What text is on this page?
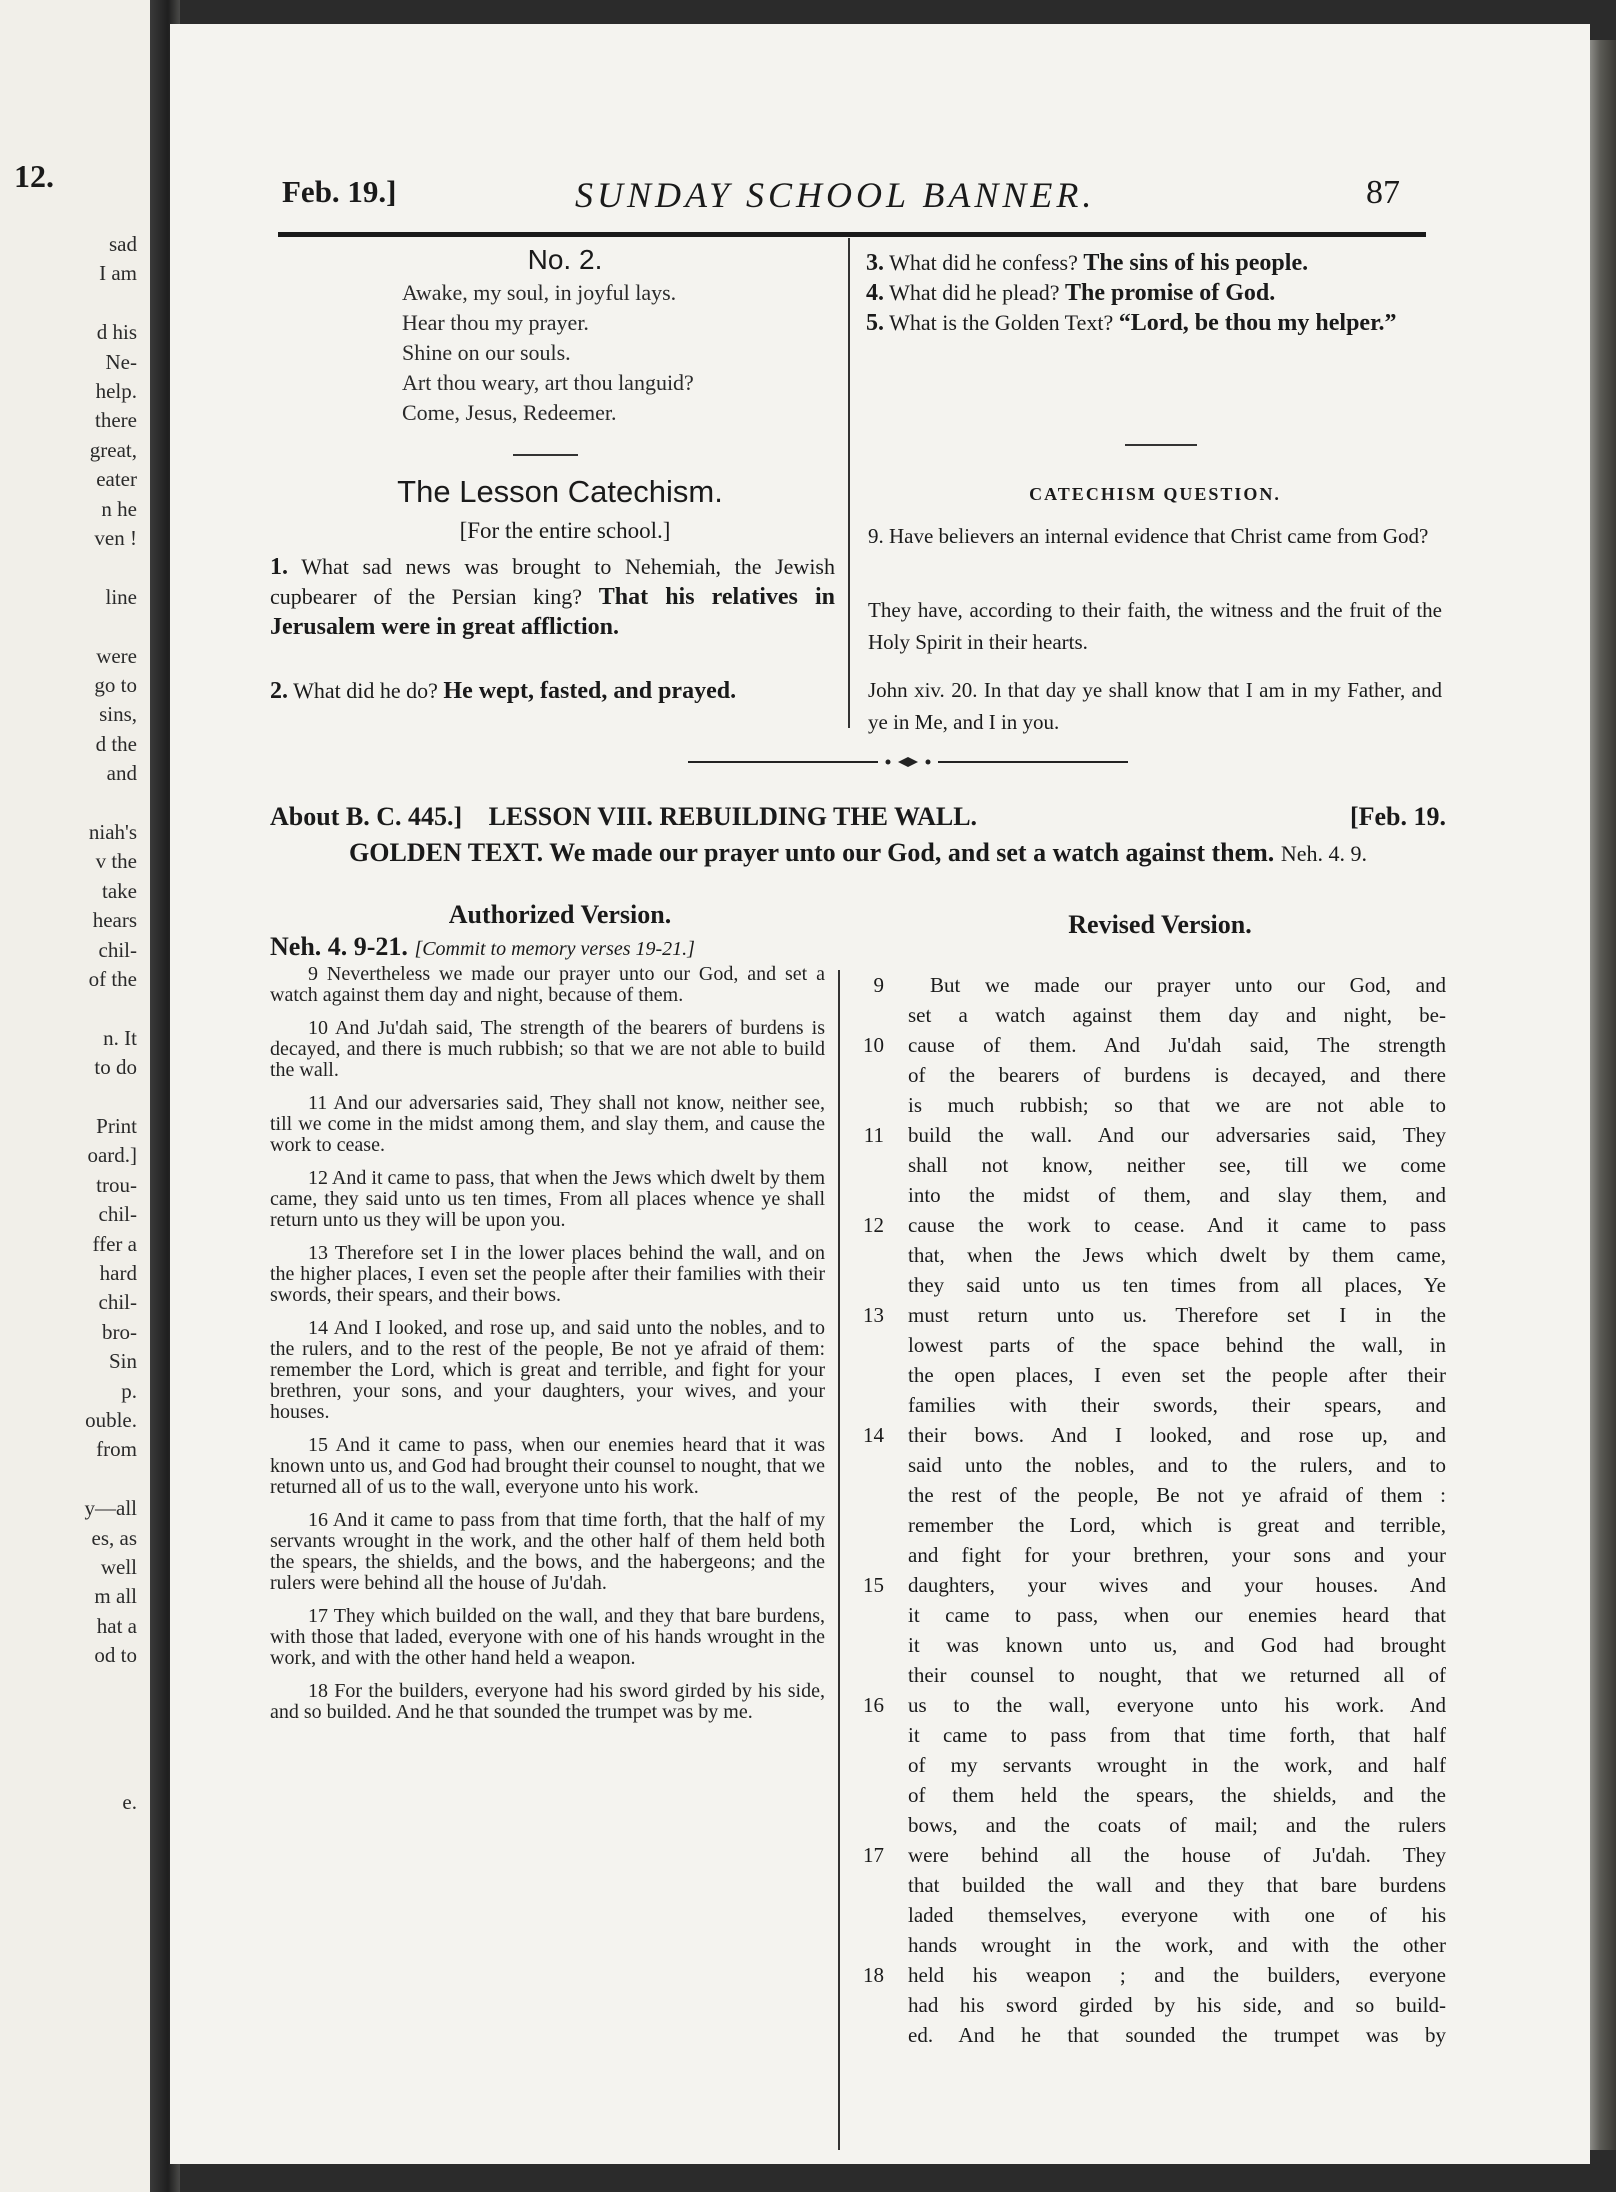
12.
sad
I am
d his
Ne-
help.
there
great,
eater
n he
ven !
line
were
go to
sins,
d the
and
niah's
v the
take
hears
chil-
of the
n. It
to do
Print
oard.]
trou-
chil-
ffer a
hard
chil-
bro-
Sin
p.
ouble.
from
y—all
es, as
well
m all
hat a
od to
e.
Feb. 19.]	SUNDAY SCHOOL BANNER.	87
No. 2.
Awake, my soul, in joyful lays.
Hear thou my prayer.
Shine on our souls.
Art thou weary, art thou languid?
Come, Jesus, Redeemer.
The Lesson Catechism.
[For the entire school.]
1. What sad news was brought to Nehemiah, the Jewish cupbearer of the Persian king? That his relatives in Jerusalem were in great affliction.
2. What did he do? He wept, fasted, and prayed.
3. What did he confess? The sins of his people.
4. What did he plead? The promise of God.
5. What is the Golden Text? “Lord, be thou my helper.”
CATECHISM QUESTION.
9. Have believers an internal evidence that Christ came from God?
They have, according to their faith, the witness and the fruit of the Holy Spirit in their hearts.
John xiv. 20. In that day ye shall know that I am in my Father, and ye in Me, and I in you.
About B. C. 445.] LESSON VIII. REBUILDING THE WALL.	[Feb. 19.
GOLDEN TEXT. We made our prayer unto our God, and set a watch against them. Neh. 4. 9.
Authorized Version.	Revised Version.
Neh. 4. 9-21. [Commit to memory verses 19-21.]

9 Nevertheless we made our prayer unto our God, and set a watch against them day and night, because of them.

10 And Ju'dah said, The strength of the bearers of burdens is decayed, and there is much rubbish; so that we are not able to build the wall.

11 And our adversaries said, They shall not know, neither see, till we come in the midst among them, and slay them, and cause the work to cease.

12 And it came to pass, that when the Jews which dwelt by them came, they said unto us ten times, From all places whence ye shall return unto us they will be upon you.

13 Therefore set I in the lower places behind the wall, and on the higher places, I even set the people after their families with their swords, their spears, and their bows.

14 And I looked, and rose up, and said unto the nobles, and to the rulers, and to the rest of the people, Be not ye afraid of them: remember the Lord, which is great and terrible, and fight for your brethren, your sons, and your daughters, your wives, and your houses.

15 And it came to pass, when our enemies heard that it was known unto us, and God had brought their counsel to nought, that we returned all of us to the wall, everyone unto his work.

16 And it came to pass from that time forth, that the half of my servants wrought in the work, and the other half of them held both the spears, the shields, and the bows, and the habergeons; and the rulers were behind all the house of Ju'dah.

17 They which builded on the wall, and they that bare burdens, with those that laded, everyone with one of his hands wrought in the work, and with the other hand held a weapon.

18 For the builders, everyone had his sword girded by his side, and so builded. And he that sounded the trumpet was by me.

9	But we made our prayer unto our God, and
set a watch against them day and night, be-
10	cause of them. And Ju'dah said, The strength
of the bearers of burdens is decayed, and there
is much rubbish; so that we are not able to
11	build the wall. And our adversaries said, They
shall not know, neither see, till we come
into the midst of them, and slay them, and
12	cause the work to cease. And it came to pass
that, when the Jews which dwelt by them came,
they said unto us ten times from all places, Ye
13	must return unto us. Therefore set I in the
lowest parts of the space behind the wall, in
the open places, I even set the people after their
families with their swords, their spears, and
14	their bows. And I looked, and rose up, and
said unto the nobles, and to the rulers, and to
the rest of the people, Be not ye afraid of them :
remember the Lord, which is great and terrible,
and fight for your brethren, your sons and your
15	daughters, your wives and your houses. And
it came to pass, when our enemies heard that
it was known unto us, and God had brought
their counsel to nought, that we returned all of
16	us to the wall, everyone unto his work. And
it came to pass from that time forth, that half
of my servants wrought in the work, and half
of them held the spears, the shields, and the
bows, and the coats of mail; and the rulers
17	were behind all the house of Ju'dah. They
that builded the wall and they that bare burdens
laded themselves, everyone with one of his
hands wrought in the work, and with the other
18	held his weapon ; and the builders, everyone
had his sword girded by his side, and so build-
ed. And he that sounded the trumpet was by
